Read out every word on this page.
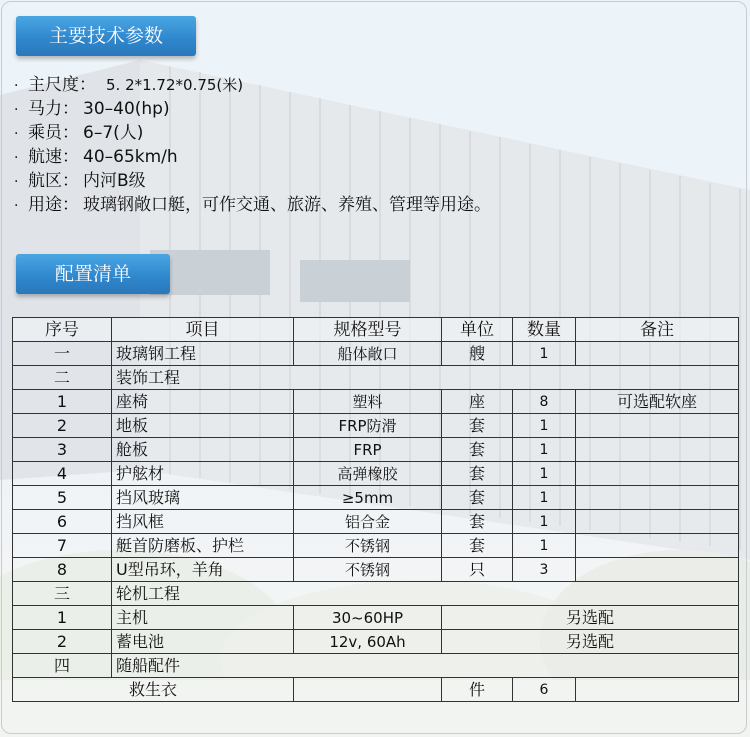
主要技术参数
· 主尺度： 5. 2*1.72*0.75(米)
· 马力： 30–40(hp)
· 乘员： 6–7(人)
· 航速： 40–65km/h
· 航区： 内河B级
· 用途： 玻璃钢敞口艇，可作交通、旅游、养殖、管理等用途。
配置清单
序号	项目	规格型号	单位	数量	备注
一	玻璃钢工程	船体敞口	艘	1	
二	装饰工程				
1	座椅	塑料	座	8	可选配软座
2	地板	FRP防滑	套	1	
3	舱板	FRP	套	1	
4	护舷材	高弹橡胶	套	1	
5	挡风玻璃	≥5mm	套	1	
6	挡风框	铝合金	套	1	
7	艇首防磨板、护栏	不锈钢	套	1	
8	U型吊环，羊角	不锈钢	只	3	
三	轮机工程				
1	主机	30~60HP	另选配		
2	蓄电池	12v, 60Ah	另选配		
四	随船配件				
救生衣			件	6	
